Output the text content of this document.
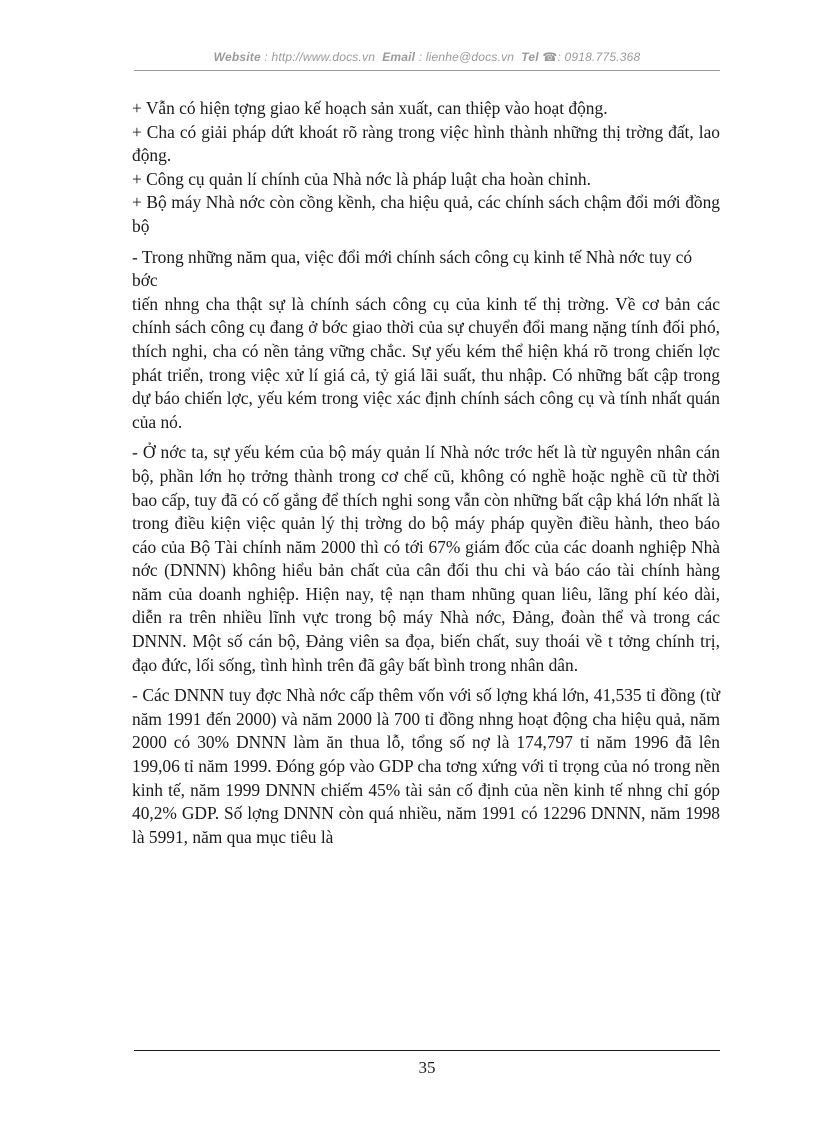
Website : http://www.docs.vn Email : lienhe@docs.vn Tel ☎: 0918.775.368

+ Vẫn có hiện tợng giao kế hoạch sản xuất, can thiệp vào hoạt động.

+ Cha có giải pháp dứt khoát rõ ràng trong việc hình thành những thị trờng đất, lao động.

+ Công cụ quản lí chính của Nhà nớc là pháp luật cha hoàn chỉnh.

+ Bộ máy Nhà nớc còn cồng kềnh, cha hiệu quả, các chính sách chậm đổi mới đồng bộ

- Trong những năm qua, việc đổi mới chính sách công cụ kinh tế Nhà nớc tuy có bớc

tiến nhng cha thật sự là chính sách công cụ của kinh tế thị trờng. Về cơ bản các chính sách công cụ đang ở bớc giao thời của sự chuyển đổi mang nặng tính đối phó, thích nghi, cha có nền tảng vững chắc. Sự yếu kém thể hiện khá rõ trong chiến lợc phát triển, trong việc xử lí giá cả, tỷ giá lãi suất, thu nhập. Có những bất cập trong dự báo chiến lợc, yếu kém trong việc xác định chính sách công cụ và tính nhất quán của nó.

- Ở nớc ta, sự yếu kém của bộ máy quản lí Nhà nớc trớc hết là từ nguyên nhân cán bộ, phần lớn họ trởng thành trong cơ chế cũ, không có nghề hoặc nghề cũ từ thời bao cấp, tuy đã có cố gắng để thích nghi song vẫn còn những bất cập khá lớn nhất là trong điều kiện việc quản lý thị trờng do bộ máy pháp quyền điều hành, theo báo cáo của Bộ Tài chính năm 2000 thì có tới 67% giám đốc của các doanh nghiệp Nhà nớc (DNNN) không hiểu bản chất của cân đối thu chi và báo cáo tài chính hàng năm của doanh nghiệp. Hiện nay, tệ nạn tham nhũng quan liêu, lãng phí kéo dài, diễn ra trên nhiều lĩnh vực trong bộ máy Nhà nớc, Đảng, đoàn thể và trong các DNNN. Một số cán bộ, Đảng viên sa đọa, biến chất, suy thoái về t tởng chính trị, đạo đức, lối sống, tình hình trên đã gây bất bình trong nhân dân.

- Các DNNN tuy đợc Nhà nớc cấp thêm vốn với số lợng khá lớn, 41,535 tỉ đồng (từ năm 1991 đến 2000) và năm 2000 là 700 tỉ đồng nhng hoạt động cha hiệu quả, năm 2000 có 30% DNNN làm ăn thua lỗ, tổng số nợ là 174,797 tỉ năm 1996 đã lên 199,06 tỉ năm 1999. Đóng góp vào GDP cha tơng xứng với tỉ trọng của nó trong nền kinh tế, năm 1999 DNNN chiếm 45% tài sản cố định của nền kinh tế nhng chỉ góp 40,2% GDP. Số lợng DNNN còn quá nhiều, năm 1991 có 12296 DNNN, năm 1998 là 5991, năm qua mục tiêu là

35
